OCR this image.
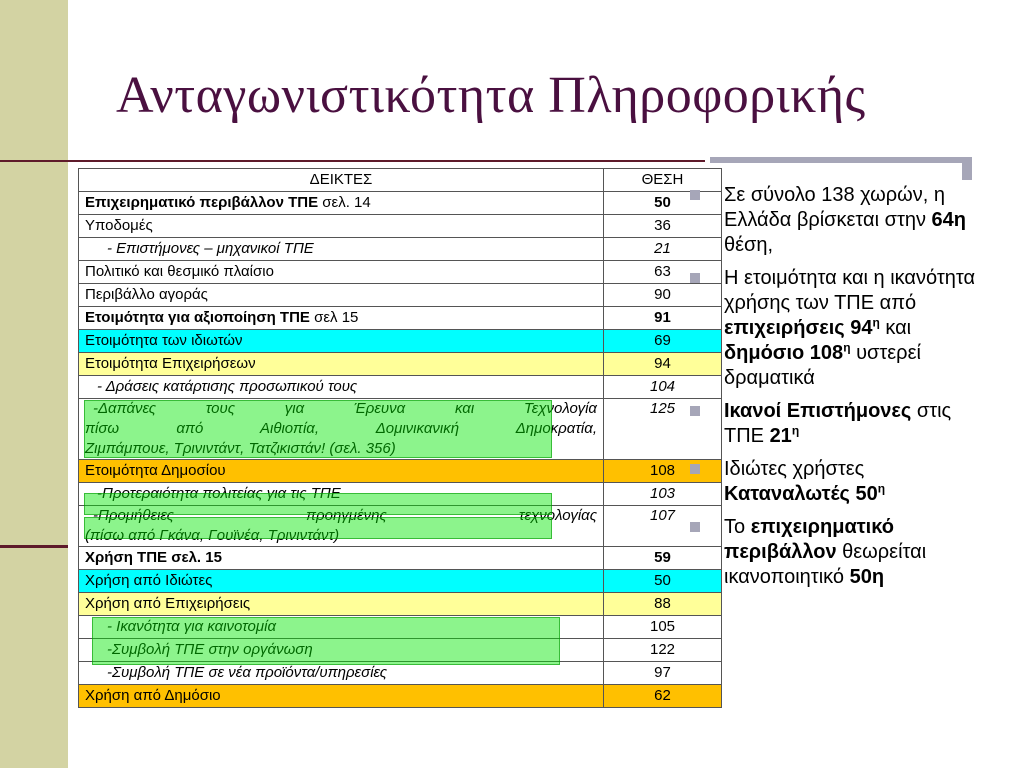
Ανταγωνιστικότητα Πληροφορικής
ΔΕΙΚΤΕΣ	ΘΕΣΗ
Επιχειρηματικό περιβάλλον ΤΠΕ σελ. 14	50
Υποδομές	36
- Επιστήμονες – μηχανικοί ΤΠΕ	21
Πολιτικό και θεσμικό πλαίσιο	63
Περιβάλλο αγοράς	90
Ετοιμότητα για αξιοποίηση ΤΠΕ σελ 15	91
Ετοιμότητα των ιδιωτών	69
Ετοιμότητα Επιχειρήσεων	94
- Δράσεις κατάρτισης προσωπικού τους	104

-Δαπάνες τους για Έρευνα και Τεχνολογία
πίσω από Αιθιοπία, Δομινικανική Δημοκρατία,
Ζιμπάμπουε, Τρινιντάντ, Τατζικιστάν! (σελ. 356)	125
Ετοιμότητα Δημοσίου	108
-Προτεραιότητα πολιτείας για τις ΤΠΕ	103

-Προμήθειες προηγμένης τεχνολογίας
(πίσω από Γκάνα, Γουϊνέα, Τρινιντάντ)	107
Χρήση ΤΠΕ σελ. 15	59
Χρήση από Ιδιώτες	50
Χρήση από Επιχειρήσεις	88
- Ικανότητα για καινοτομία	105
-Συμβολή ΤΠΕ στην οργάνωση	122
-Συμβολή ΤΠΕ σε νέα προϊόντα/υπηρεσίες	97
Χρήση από Δημόσιο	62
Σε σύνολο 138 χωρών, η Ελλάδα βρίσκεται στην 64η θέση,
Η ετοιμότητα και η ικανότητα χρήσης των ΤΠΕ από επιχειρήσεις $94^\eta$ και δημόσιο $108^\eta$ υστερεί δραματικά
Ικανοί Επιστήμονες στις ΤΠΕ $21^\eta$
Ιδιώτες χρήστες Καταναλωτές $50^\eta$
Το επιχειρηματικό περιβάλλον θεωρείται ικανοποιητικό 50η
